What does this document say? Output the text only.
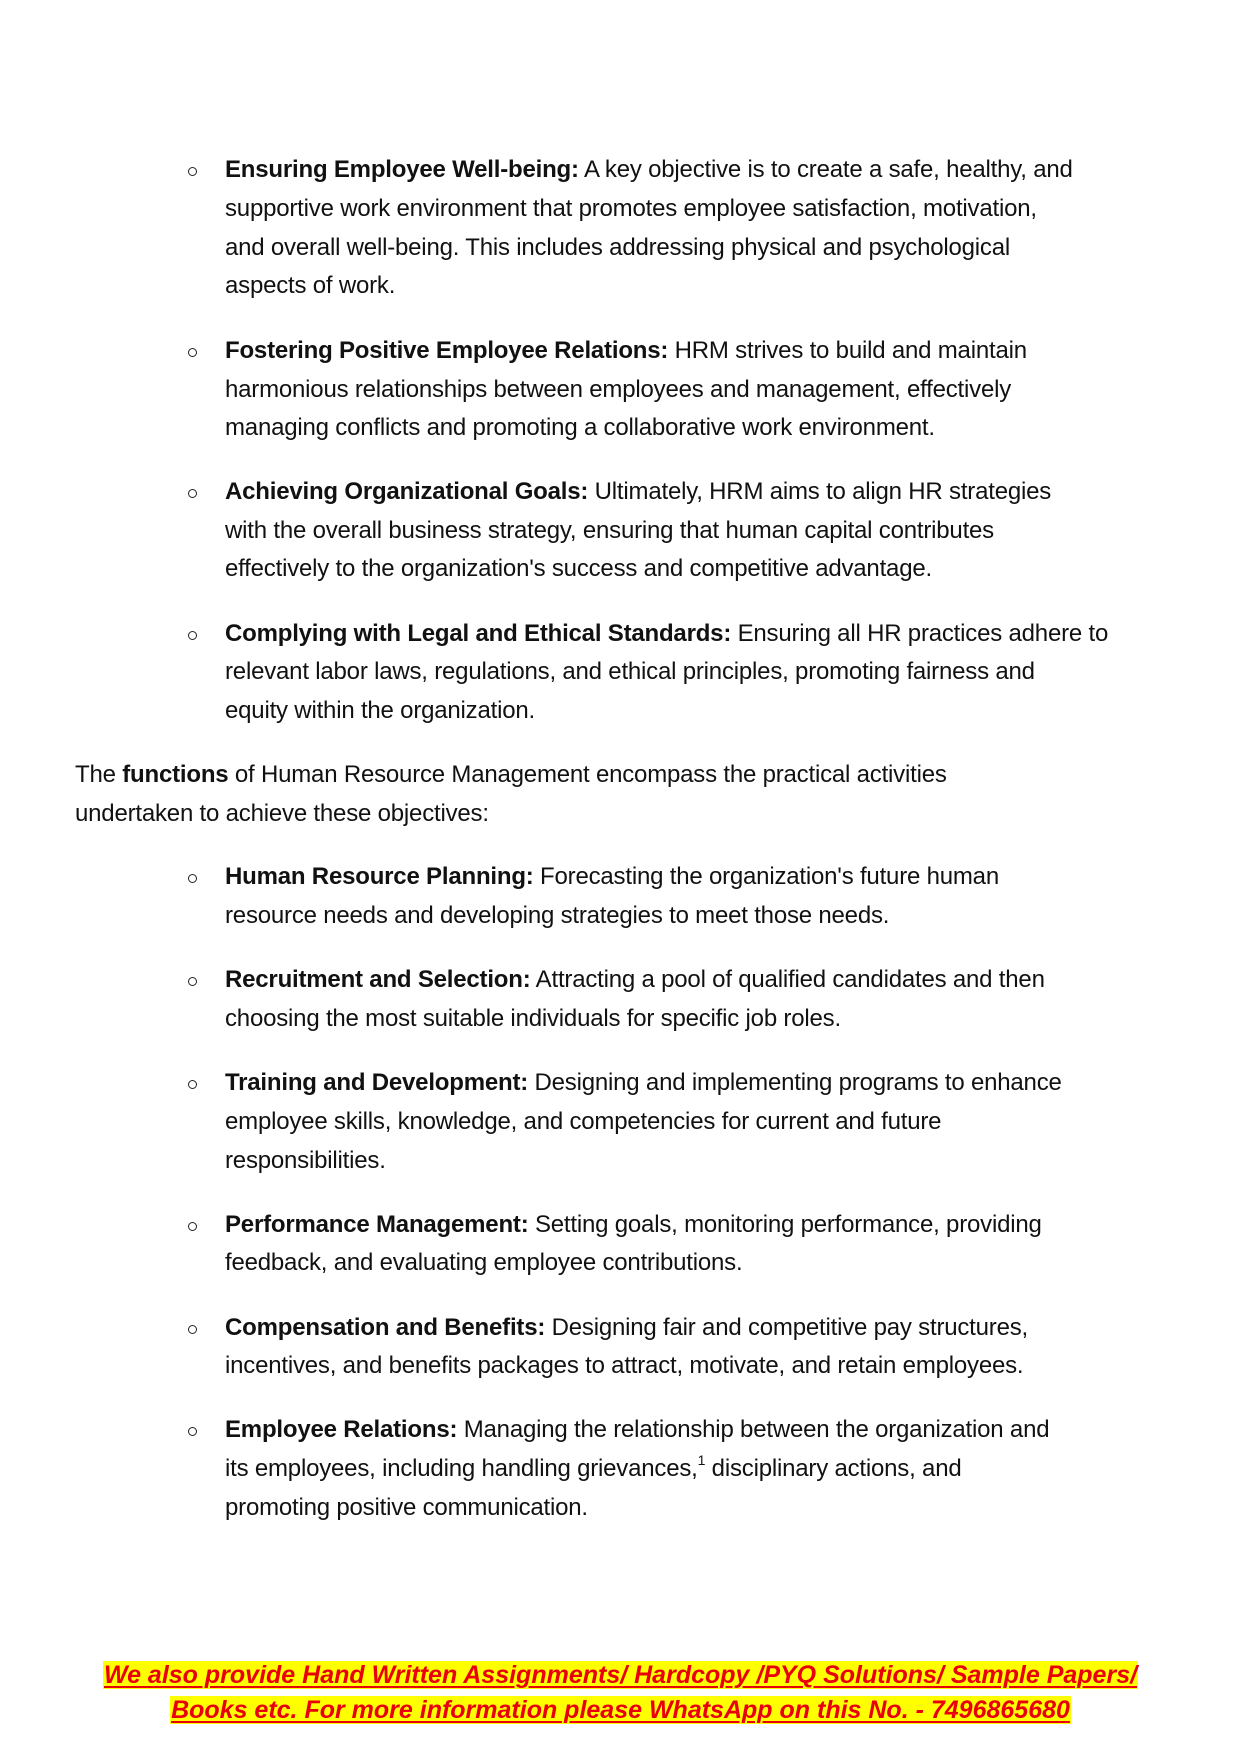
Ensuring Employee Well-being: A key objective is to create a safe, healthy, and
supportive work environment that promotes employee satisfaction, motivation,
and overall well-being. This includes addressing physical and psychological
aspects of work.
Fostering Positive Employee Relations: HRM strives to build and maintain
harmonious relationships between employees and management, effectively
managing conflicts and promoting a collaborative work environment.
Achieving Organizational Goals: Ultimately, HRM aims to align HR strategies
with the overall business strategy, ensuring that human capital contributes
effectively to the organization's success and competitive advantage.
Complying with Legal and Ethical Standards: Ensuring all HR practices adhere to
relevant labor laws, regulations, and ethical principles, promoting fairness and
equity within the organization.
The functions of Human Resource Management encompass the practical activities
undertaken to achieve these objectives:
Human Resource Planning: Forecasting the organization's future human
resource needs and developing strategies to meet those needs.
Recruitment and Selection: Attracting a pool of qualified candidates and then
choosing the most suitable individuals for specific job roles.
Training and Development: Designing and implementing programs to enhance
employee skills, knowledge, and competencies for current and future
responsibilities.
Performance Management: Setting goals, monitoring performance, providing
feedback, and evaluating employee contributions.
Compensation and Benefits: Designing fair and competitive pay structures,
incentives, and benefits packages to attract, motivate, and retain employees.
Employee Relations: Managing the relationship between the organization and
its employees, including handling grievances,$^1$ disciplinary actions, and
promoting positive communication.
We also provide Hand Written Assignments/ Hardcopy /PYQ Solutions/ Sample Papers/
Books etc. For more information please WhatsApp on this No. - 7496865680
